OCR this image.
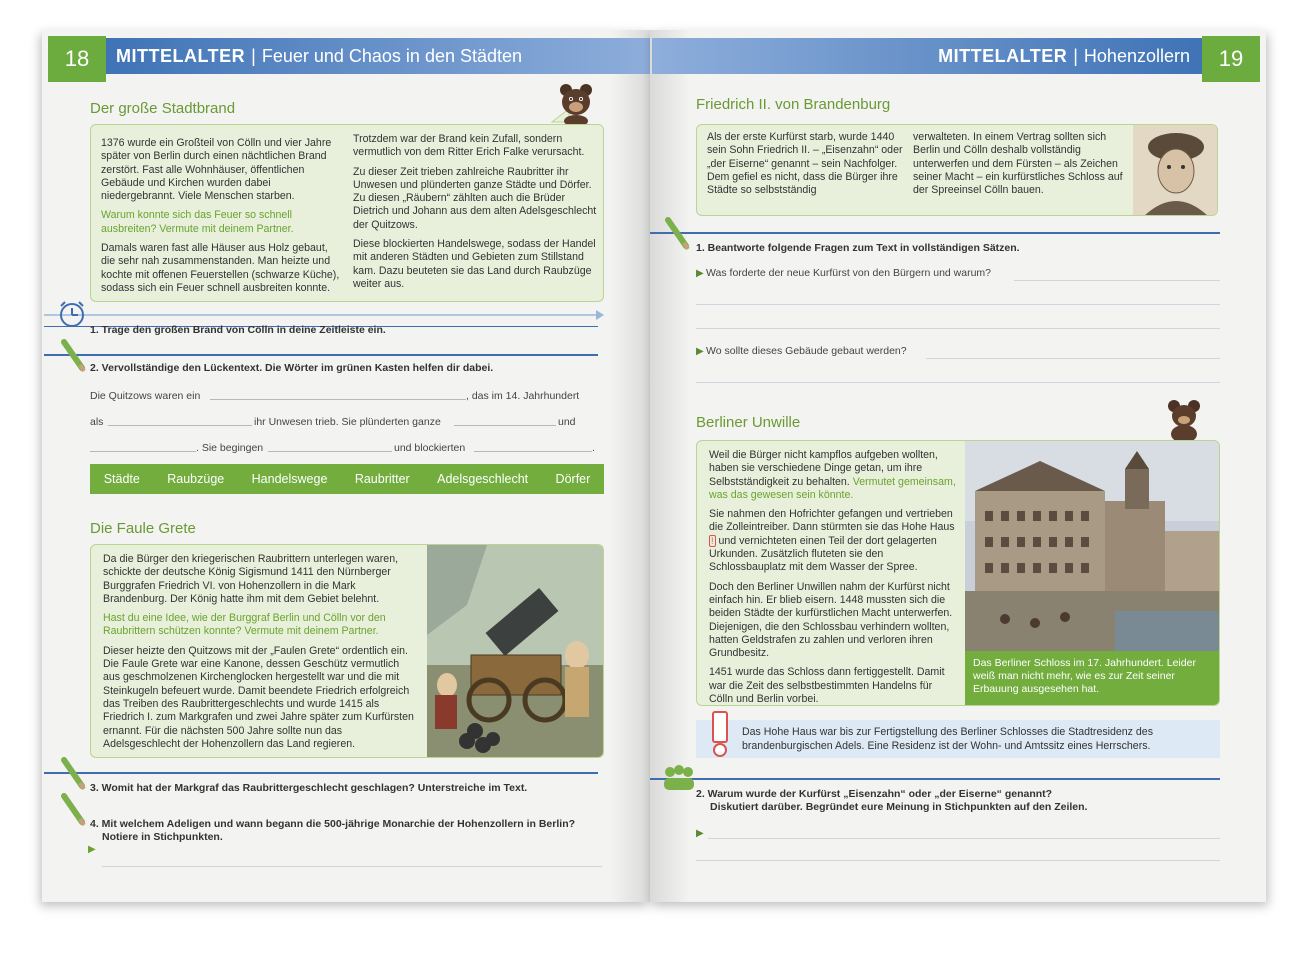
18	MITTELALTER | Feuer und Chaos in den Städten
Der große Stadtbrand

1376 wurde ein Großteil von Cölln und vier Jahre später von Berlin durch einen nächtlichen Brand zerstört. Fast alle Wohnhäuser, öffentlichen Gebäude und Kirchen wurden dabei niedergebrannt. Viele Menschen starben.

Warum konnte sich das Feuer so schnell ausbreiten? Vermute mit deinem Partner.

Damals waren fast alle Häuser aus Holz gebaut, die sehr nah zusammenstanden. Man heizte und kochte mit offenen Feuerstellen (schwarze Küche), sodass sich ein Feuer schnell ausbreiten konnte.

Trotzdem war der Brand kein Zufall, sondern vermutlich von dem Ritter Erich Falke verursacht.

Zu dieser Zeit trieben zahlreiche Raubritter ihr Unwesen und plünderten ganze Städte und Dörfer. Zu diesen „Räubern“ zählten auch die Brüder Dietrich und Johann aus dem alten Adelsgeschlecht der Quitzows.

Diese blockierten Handelswege, sodass der Handel mit anderen Städten und Gebieten zum Stillstand kam. Dazu beuteten sie das Land durch Raubzüge weiter aus.

1. Trage den großen Brand von Cölln in deine Zeitleiste ein.
2. Vervollständige den Lückentext. Die Wörter im grünen Kasten helfen dir dabei.
Die Quitzows waren ein	, das im 14. Jahrhundert
als	ihr Unwesen trieb. Sie plünderten ganze	und
. Sie begingen	und blockierten	.
Städte Raubzüge Handelswege Raubritter Adelsgeschlecht Dörfer
Die Faule Grete

Da die Bürger den kriegerischen Raubrittern unterlegen waren, schickte der deutsche König Sigismund 1411 den Nürnberger Burggrafen Friedrich VI. von Hohenzollern in die Mark Brandenburg. Der König hatte ihm mit dem Gebiet belehnt.

Hast du eine Idee, wie der Burggraf Berlin und Cölln vor den Raubrittern schützen konnte? Vermute mit deinem Partner.

Dieser heizte den Quitzows mit der „Faulen Grete“ ordentlich ein. Die Faule Grete war eine Kanone, dessen Geschütz vermutlich aus geschmolzenen Kirchenglocken hergestellt war und die mit Steinkugeln befeuert wurde. Damit beendete Friedrich erfolgreich das Treiben des Raubrittergeschlechts und wurde 1415 als Friedrich I. zum Markgrafen und zwei Jahre später zum Kurfürsten ernannt. Für die nächsten 500 Jahre sollte nun das Adelsgeschlecht der Hohenzollern das Land regieren.

3. Womit hat der Markgraf das Raubrittergeschlecht geschlagen? Unterstreiche im Text.
4. Mit welchem Adeligen und wann begann die 500-jährige Monarchie der Hohenzollern in Berlin?
Notiere in Stichpunkten.
▶
MITTELALTER | Hohenzollern	19
Friedrich II. von Brandenburg
Als der erste Kurfürst starb, wurde 1440 sein Sohn Friedrich II. – „Eisenzahn“ oder „der Eiserne“ genannt – sein Nachfolger. Dem gefiel es nicht, dass die Bürger ihre Städte so selbstständig
verwalteten. In einem Vertrag sollten sich Berlin und Cölln deshalb vollständig unterwerfen und dem Fürsten – als Zeichen seiner Macht – ein kurfürstliches Schloss auf der Spreeinsel Cölln bauen.
1. Beantworte folgende Fragen zum Text in vollständigen Sätzen.
▶ Was forderte der neue Kurfürst von den Bürgern und warum?
▶ Wo sollte dieses Gebäude gebaut werden?
Berliner Unwille

Weil die Bürger nicht kampflos aufgeben wollten, haben sie verschiedene Dinge getan, um ihre Selbstständigkeit zu behalten. Vermutet gemeinsam, was das gewesen sein könnte.

Sie nahmen den Hofrichter gefangen und vertrieben die Zolleintreiber. Dann stürmten sie das Hohe Haus ! und vernichteten einen Teil der dort gelagerten Urkunden. Zusätzlich fluteten sie den Schlossbauplatz mit dem Wasser der Spree.

Doch den Berliner Unwillen nahm der Kurfürst nicht einfach hin. Er blieb eisern. 1448 mussten sich die beiden Städte der kurfürstlichen Macht unterwerfen. Diejenigen, die den Schlossbau verhindern wollten, hatten Geldstrafen zu zahlen und verloren ihren Grundbesitz.

1451 wurde das Schloss dann fertiggestellt. Damit war die Zeit des selbstbestimmten Handelns für Cölln und Berlin vorbei.

Das Berliner Schloss im 17. Jahrhundert. Leider weiß man nicht mehr, wie es zur Zeit seiner Erbauung ausgesehen hat.
Das Hohe Haus war bis zur Fertigstellung des Berliner Schlosses die Stadtresidenz des brandenburgischen Adels. Eine Residenz ist der Wohn- und Amtssitz eines Herrschers.
2. Warum wurde der Kurfürst „Eisenzahn“ oder „der Eiserne“ genannt?
Diskutiert darüber. Begründet eure Meinung in Stichpunkten auf den Zeilen.
▶
